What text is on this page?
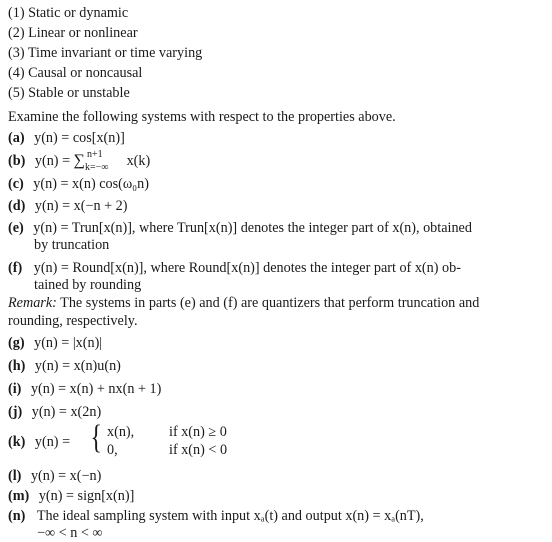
(1) Static or dynamic
(2) Linear or nonlinear
(3) Time invariant or time varying
(4) Causal or noncausal
(5) Stable or unstable
Examine the following systems with respect to the properties above.
(a) y(n) = cos[x(n)]
(b) y(n) = ∑ n+1
k=−∞ x(k)
(c) y(n) = x(n) cos(ω₀n)
(d) y(n) = x(−n + 2)
(e) y(n) = Trun[x(n)], where Trun[x(n)] denotes the integer part of x(n), obtained
by truncation
(f) y(n) = Round[x(n)], where Round[x(n)] denotes the integer part of x(n) ob-
tained by rounding
Remark: The systems in parts (e) and (f) are quantizers that perform truncation and
rounding, respectively.
(g) y(n) = |x(n)|
(h) y(n) = x(n)u(n)
(i) y(n) = x(n) + nx(n + 1)
(j) y(n) = x(2n)
(k) y(n) = { x(n), if x(n) ≥ 0
0,	if x(n) < 0
(l) y(n) = x(−n)
(m) y(n) = sign[x(n)]
(n) The ideal sampling system with input xₐ(t) and output x(n) = xₐ(nT),
−∞ < n < ∞
